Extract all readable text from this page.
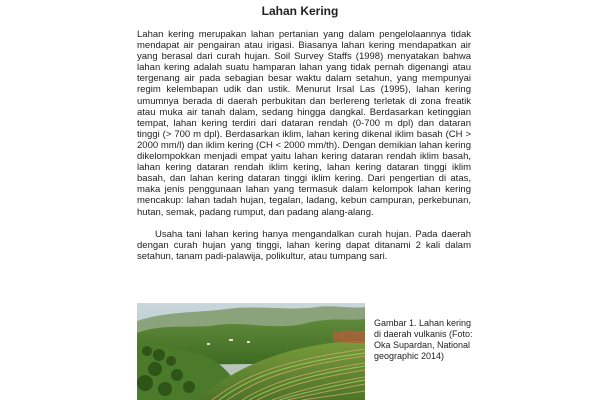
Lahan Kering

Lahan kering merupakan lahan pertanian yang dalam pengelolaannya tidak mendapat air pengairan atau irigasi. Biasanya lahan kering mendapatkan air yang berasal dari curah hujan. Soil Survey Staffs (1998) menyatakan bahwa lahan kering adalah suatu hamparan lahan yang tidak pernah digenangi atau tergenang air pada sebagian besar waktu dalam setahun, yang mempunyai regim kelembapan udik dan ustik. Menurut Irsal Las (1995), lahan kering umumnya berada di daerah perbukitan dan berlereng terletak di zona freatik atau muka air tanah dalam, sedang hingga dangkal. Berdasarkan ketinggian tempat, lahan kering terdiri dari dataran rendah (0-700 m dpl) dan dataran tinggi (> 700 m dpl). Berdasarkan iklim, lahan kering dikenal iklim basah (CH > 2000 mm/l) dan iklim kering (CH < 2000 mm/th). Dengan demikian lahan kering dikelompokkan menjadi empat yaitu lahan kering dataran rendah iklim basah, lahan kering dataran rendah iklim kering, lahan kering dataran tinggi iklim basah, dan lahan kering dataran tinggi iklim kering. Dari pengertian di atas, maka jenis penggunaan lahan yang termasuk dalam kelompok lahan kering mencakup: lahan tadah hujan, tegalan, ladang, kebun campuran, perkebunan, hutan, semak, padang rumput, dan padang alang-alang.

Usaha tani lahan kering hanya mengandalkan curah hujan. Pada daerah dengan curah hujan yang tinggi, lahan kering dapat ditanami 2 kali dalam setahun, tanam padi-palawija, polikultur, atau tumpang sari.

Gambar 1. Lahan kering di daerah vulkanis (Foto: Oka Supardan, National geographic 2014)
